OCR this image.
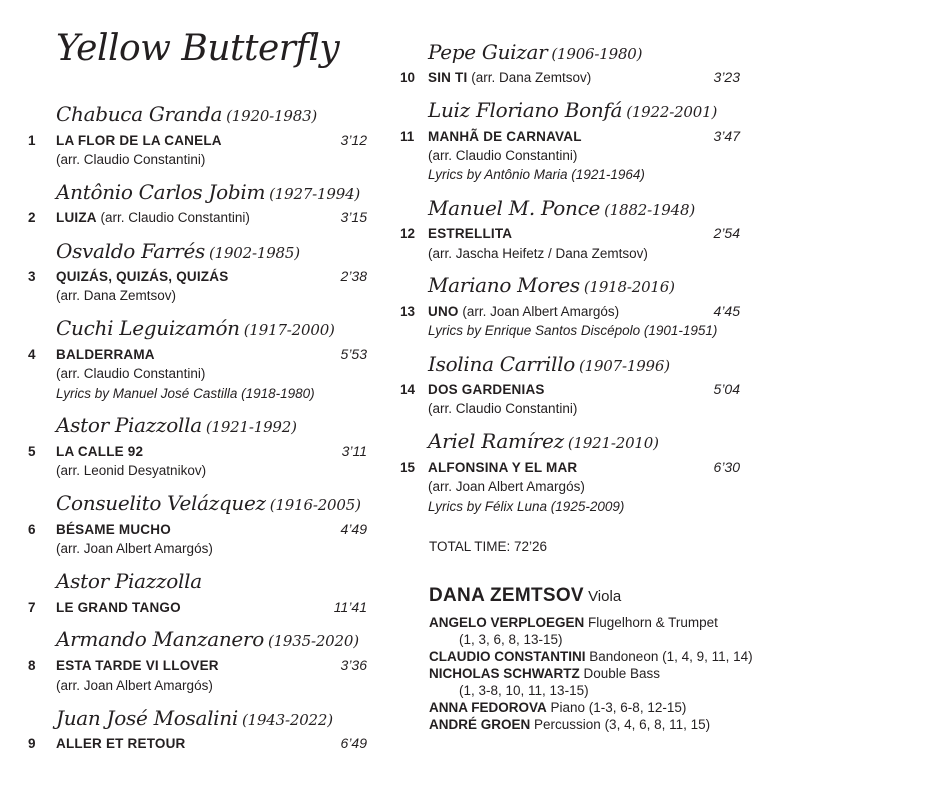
Yellow Butterfly
Chabuca Granda (1920-1983)
1	LA FLOR DE LA CANELA	3’12
(arr. Claudio Constantini)
Antônio Carlos Jobim (1927-1994)
2	LUIZA (arr. Claudio Constantini)	3’15
Osvaldo Farrés (1902-1985)
3	QUIZÁS, QUIZÁS, QUIZÁS	2’38
(arr. Dana Zemtsov)
Cuchi Leguizamón (1917-2000)
4	BALDERRAMA	5’53
(arr. Claudio Constantini)
Lyrics by Manuel José Castilla (1918-1980)
Astor Piazzolla (1921-1992)
5	LA CALLE 92	3’11
(arr. Leonid Desyatnikov)
Consuelito Velázquez (1916-2005)
6	BÉSAME MUCHO	4’49
(arr. Joan Albert Amargós)
Astor Piazzolla
7	LE GRAND TANGO	11’41
Armando Manzanero (1935-2020)
8	ESTA TARDE VI LLOVER	3’36
(arr. Joan Albert Amargós)
Juan José Mosalini (1943-2022)
9	ALLER ET RETOUR	6’49
Pepe Guizar (1906-1980)
10 SIN TI (arr. Dana Zemtsov)	3’23
Luiz Floriano Bonfá (1922-2001)
11	MANHÃ DE CARNAVAL	3’47
(arr. Claudio Constantini)
Lyrics by Antônio Maria (1921-1964)
Manuel M. Ponce (1882-1948)
12 ESTRELLITA	2’54
(arr. Jascha Heifetz / Dana Zemtsov)
Mariano Mores (1918-2016)
13 UNO (arr. Joan Albert Amargós)	4’45
Lyrics by Enrique Santos Discépolo (1901-1951)
Isolina Carrillo (1907-1996)
14 DOS GARDENIAS	5’04
(arr. Claudio Constantini)
Ariel Ramírez (1921-2010)
15 ALFONSINA Y EL MAR	6’30
(arr. Joan Albert Amargós)
Lyrics by Félix Luna (1925-2009)
TOTAL TIME: 72’26
DANA ZEMTSOV Viola
ANGELO VERPLOEGEN Flugelhorn & Trumpet
(1, 3, 6, 8, 13-15)
CLAUDIO CONSTANTINI Bandoneon (1, 4, 9, 11, 14)
NICHOLAS SCHWARTZ Double Bass
(1, 3-8, 10, 11, 13-15)
ANNA FEDOROVA Piano (1-3, 6-8, 12-15)
ANDRÉ GROEN Percussion (3, 4, 6, 8, 11, 15)
